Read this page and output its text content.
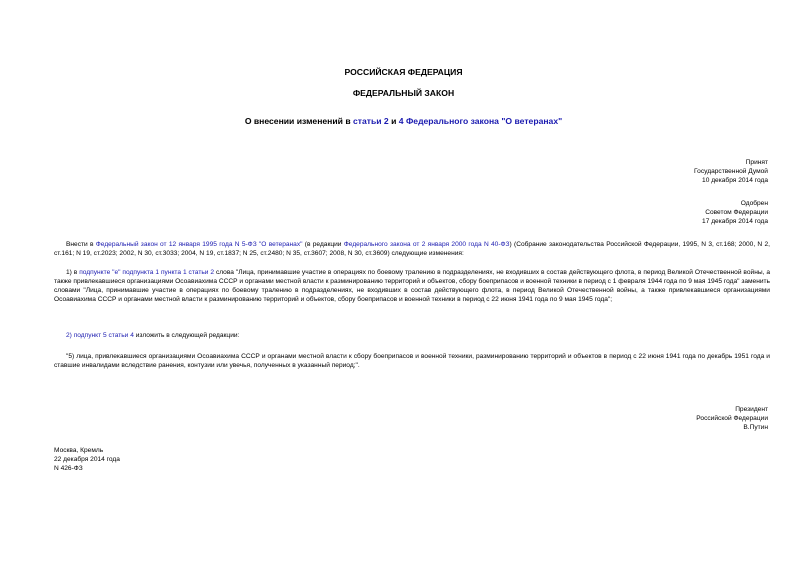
РОССИЙСКАЯ ФЕДЕРАЦИЯ
ФЕДЕРАЛЬНЫЙ ЗАКОН
О внесении изменений в статьи 2 и 4 Федерального закона "О ветеранах"
Принят
Государственной Думой
10 декабря 2014 года
Одобрен
Советом Федерации
17 декабря 2014 года
Внести в Федеральный закон от 12 января 1995 года N 5-ФЗ "О ветеранах" (в редакции Федерального закона от 2 января 2000 года N 40-ФЗ) (Собрание законодательства Российской Федерации, 1995, N 3, ст.168; 2000, N 2, ст.161; N 19, ст.2023; 2002, N 30, ст.3033; 2004, N 19, ст.1837; N 25, ст.2480; N 35, ст.3607; 2008, N 30, ст.3609) следующие изменения:
1) в подпункте "е" подпункта 1 пункта 1 статьи 2 слова "Лица, принимавшие участие в операциях по боевому тралению в подразделениях, не входивших в состав действующего флота, в период Великой Отечественной войны, а также привлекавшиеся организациями Осоавиахима СССР и органами местной власти к разминированию территорий и объектов, сбору боеприпасов и военной техники в период с 1 февраля 1944 года по 9 мая 1945 года" заменить словами "Лица, принимавшие участие в операциях по боевому тралению в подразделениях, не входивших в состав действующего флота, в период Великой Отечественной войны, а также привлекавшиеся организациями Осоавиахима СССР и органами местной власти к разминированию территорий и объектов, сбору боеприпасов и военной техники в период с 22 июня 1941 года по 9 мая 1945 года";
2) подпункт 5 статьи 4 изложить в следующей редакции:
"5) лица, привлекавшиеся организациями Осоавиахима СССР и органами местной власти к сбору боеприпасов и военной техники, разминированию территорий и объектов в период с 22 июня 1941 года по декабрь 1951 года и ставшие инвалидами вследствие ранения, контузии или увечья, полученных в указанный период;".
Президент
Российской Федерации
В.Путин
Москва, Кремль
22 декабря 2014 года
N 426-ФЗ
